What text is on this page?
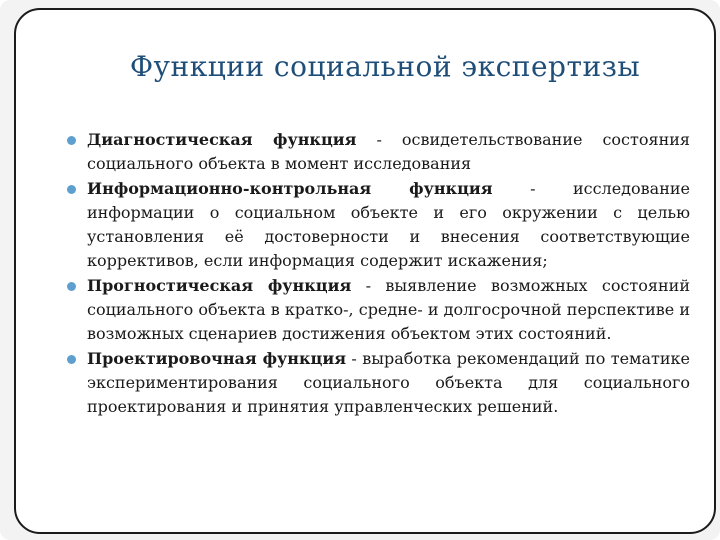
Функции социальной экспертизы
Диагностическая функция - освидетельствование состояния социального объекта в момент исследования
Информационно-контрольная функция - исследование информации о социальном объекте и его окружении с целью установления её достоверности и внесения соответствующие коррективов, если информация содержит искажения;
Прогностическая функция - выявление возможных состояний социального объекта в кратко-, средне- и долгосрочной перспективе и возможных сценариев достижения объектом этих состояний.
Проектировочная функция - выработка рекомендаций по тематике экспериментирования социального объекта для социального проектирования и принятия управленческих решений.
